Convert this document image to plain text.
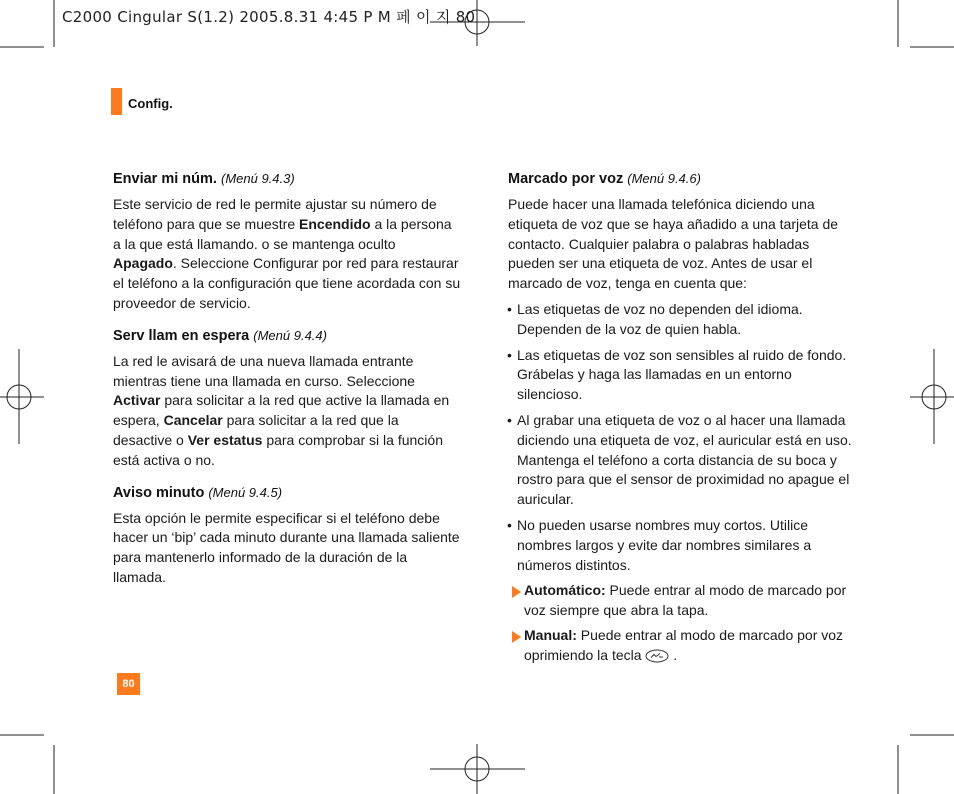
C2000 Cingular S(1.2) 2005.8.31 4:45 P M 페 이 지 80
Config.
Enviar mi núm. (Menú 9.4.3)

Este servicio de red le permite ajustar su número de teléfono para que se muestre Encendido a la persona a la que está llamando. o se mantenga oculto Apagado. Seleccione Configurar por red para restaurar el teléfono a la configuración que tiene acordada con su proveedor de servicio.

Serv llam en espera (Menú 9.4.4)

La red le avisará de una nueva llamada entrante mientras tiene una llamada en curso. Seleccione Activar para solicitar a la red que active la llamada en espera, Cancelar para solicitar a la red que la desactive o Ver estatus para comprobar si la función está activa o no.

Aviso minuto (Menú 9.4.5)

Esta opción le permite especificar si el teléfono debe hacer un ‘bip’ cada minuto durante una llamada saliente para mantenerlo informado de la duración de la llamada.

Marcado por voz (Menú 9.4.6)

Puede hacer una llamada telefónica diciendo una etiqueta de voz que se haya añadido a una tarjeta de contacto. Cualquier palabra o palabras habladas pueden ser una etiqueta de voz. Antes de usar el marcado de voz, tenga en cuenta que:

• Las etiquetas de voz no dependen del idioma. Dependen de la voz de quien habla.
• Las etiquetas de voz son sensibles al ruido de fondo. Grábelas y haga las llamadas en un entorno silencioso.
• Al grabar una etiqueta de voz o al hacer una llamada diciendo una etiqueta de voz, el auricular está en uso. Mantenga el teléfono a corta distancia de su boca y rostro para que el sensor de proximidad no apague el auricular.
• No pueden usarse nombres muy cortos. Utilice nombres largos y evite dar nombres similares a números distintos.
Automático: Puede entrar al modo de marcado por voz siempre que abra la tapa.
Manual: Puede entrar al modo de marcado por voz oprimiendo la tecla  .
80
